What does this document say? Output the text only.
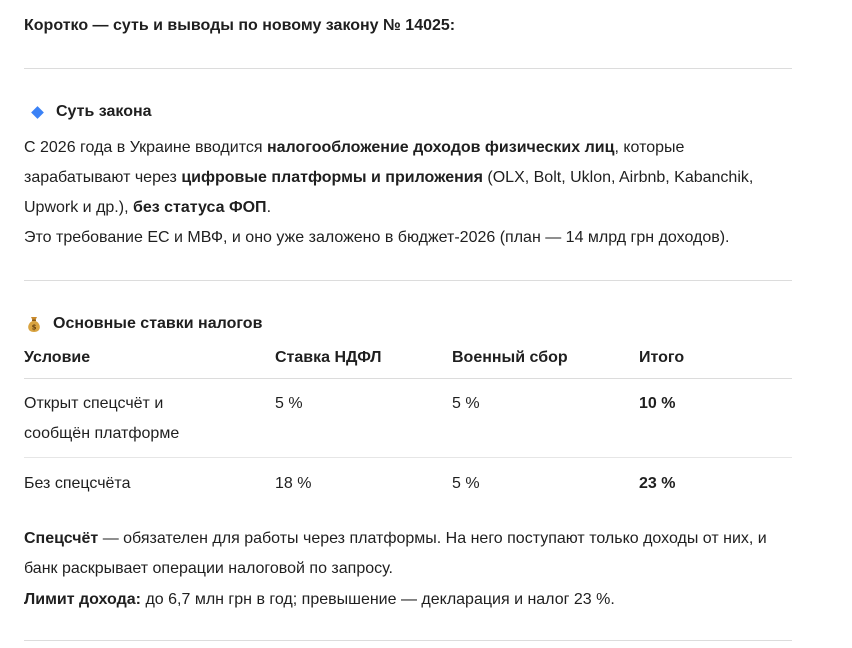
Коротко — суть и выводы по новому закону № 14025:
Суть закона
С 2026 года в Украине вводится налогообложение доходов физических лиц, которые зарабатывают через цифровые платформы и приложения (OLX, Bolt, Uklon, Airbnb, Kabanchik, Upwork и др.), без статуса ФОП.
Это требование ЕС и МВФ, и оно уже заложено в бюджет-2026 (план — 14 млрд грн доходов).
$ Основные ставки налогов
Условие	Ставка НДФЛ	Военный сбор	Итого
Открыт спецсчёт и сообщён платформе	5 %	5 %	10 %
Без спецсчёта	18 %	5 %	23 %
Спецсчёт — обязателен для работы через платформы. На него поступают только доходы от них, и банк раскрывает операции налоговой по запросу.
Лимит дохода: до 6,7 млн грн в год; превышение — декларация и налог 23 %.
